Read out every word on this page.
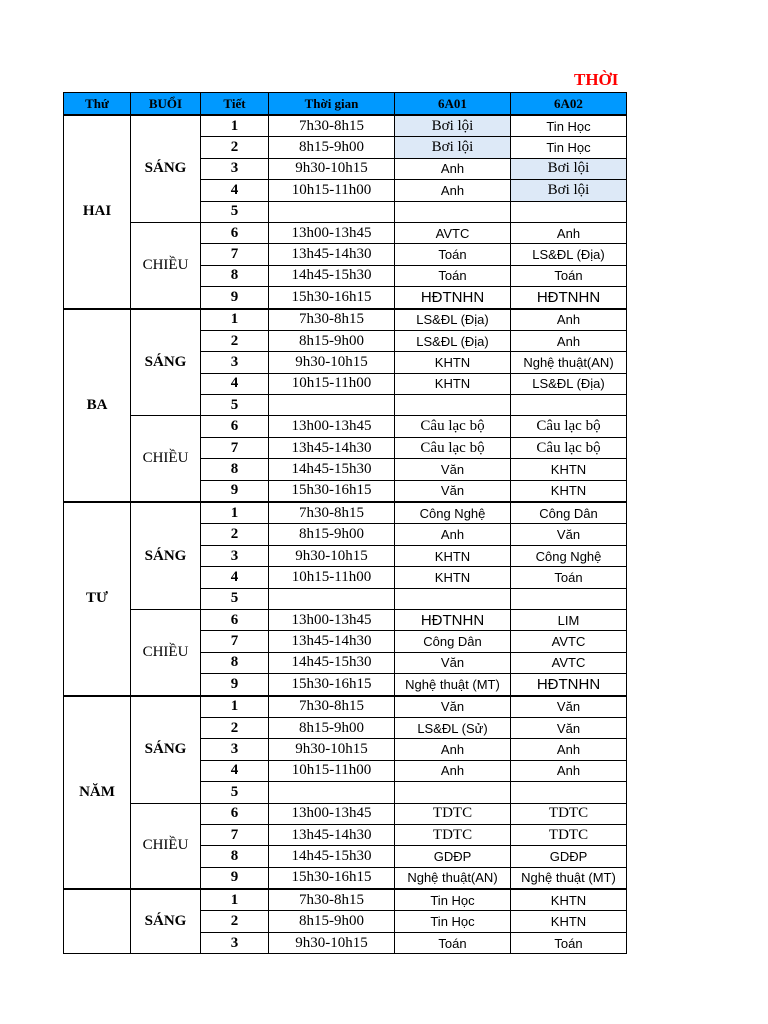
THỜI
Thứ	BUỔI	Tiết	Thời gian	6A01	6A02
HAI	SÁNG	1	7h30-8h15	Bơi lội	Tin Học
		2	8h15-9h00	Bơi lội	Tin Học
		3	9h30-10h15	Anh	Bơi lội
		4	10h15-11h00	Anh	Bơi lội
		5			
	CHIỀU	6	13h00-13h45	AVTC	Anh
		7	13h45-14h30	Toán	LS&ĐL (Địa)
		8	14h45-15h30	Toán	Toán
		9	15h30-16h15	HĐTNHN	HĐTNHN
BA	SÁNG	1	7h30-8h15	LS&ĐL (Địa)	Anh
		2	8h15-9h00	LS&ĐL (Địa)	Anh
		3	9h30-10h15	KHTN	Nghệ thuật(AN)
		4	10h15-11h00	KHTN	LS&ĐL (Địa)
		5			
	CHIỀU	6	13h00-13h45	Câu lạc bộ	Câu lạc bộ
		7	13h45-14h30	Câu lạc bộ	Câu lạc bộ
		8	14h45-15h30	Văn	KHTN
		9	15h30-16h15	Văn	KHTN
TƯ	SÁNG	1	7h30-8h15	Công Nghệ	Công Dân
		2	8h15-9h00	Anh	Văn
		3	9h30-10h15	KHTN	Công Nghệ
		4	10h15-11h00	KHTN	Toán
		5			
	CHIỀU	6	13h00-13h45	HĐTNHN	LIM
		7	13h45-14h30	Công Dân	AVTC
		8	14h45-15h30	Văn	AVTC
		9	15h30-16h15	Nghệ thuật (MT)	HĐTNHN
NĂM	SÁNG	1	7h30-8h15	Văn	Văn
		2	8h15-9h00	LS&ĐL (Sử)	Văn
		3	9h30-10h15	Anh	Anh
		4	10h15-11h00	Anh	Anh
		5			
	CHIỀU	6	13h00-13h45	TDTC	TDTC
		7	13h45-14h30	TDTC	TDTC
		8	14h45-15h30	GDĐP	GDĐP
		9	15h30-16h15	Nghệ thuật(AN)	Nghệ thuật (MT)
	SÁNG	1	7h30-8h15	Tin Học	KHTN
		2	8h15-9h00	Tin Học	KHTN
		3	9h30-10h15	Toán	Toán
